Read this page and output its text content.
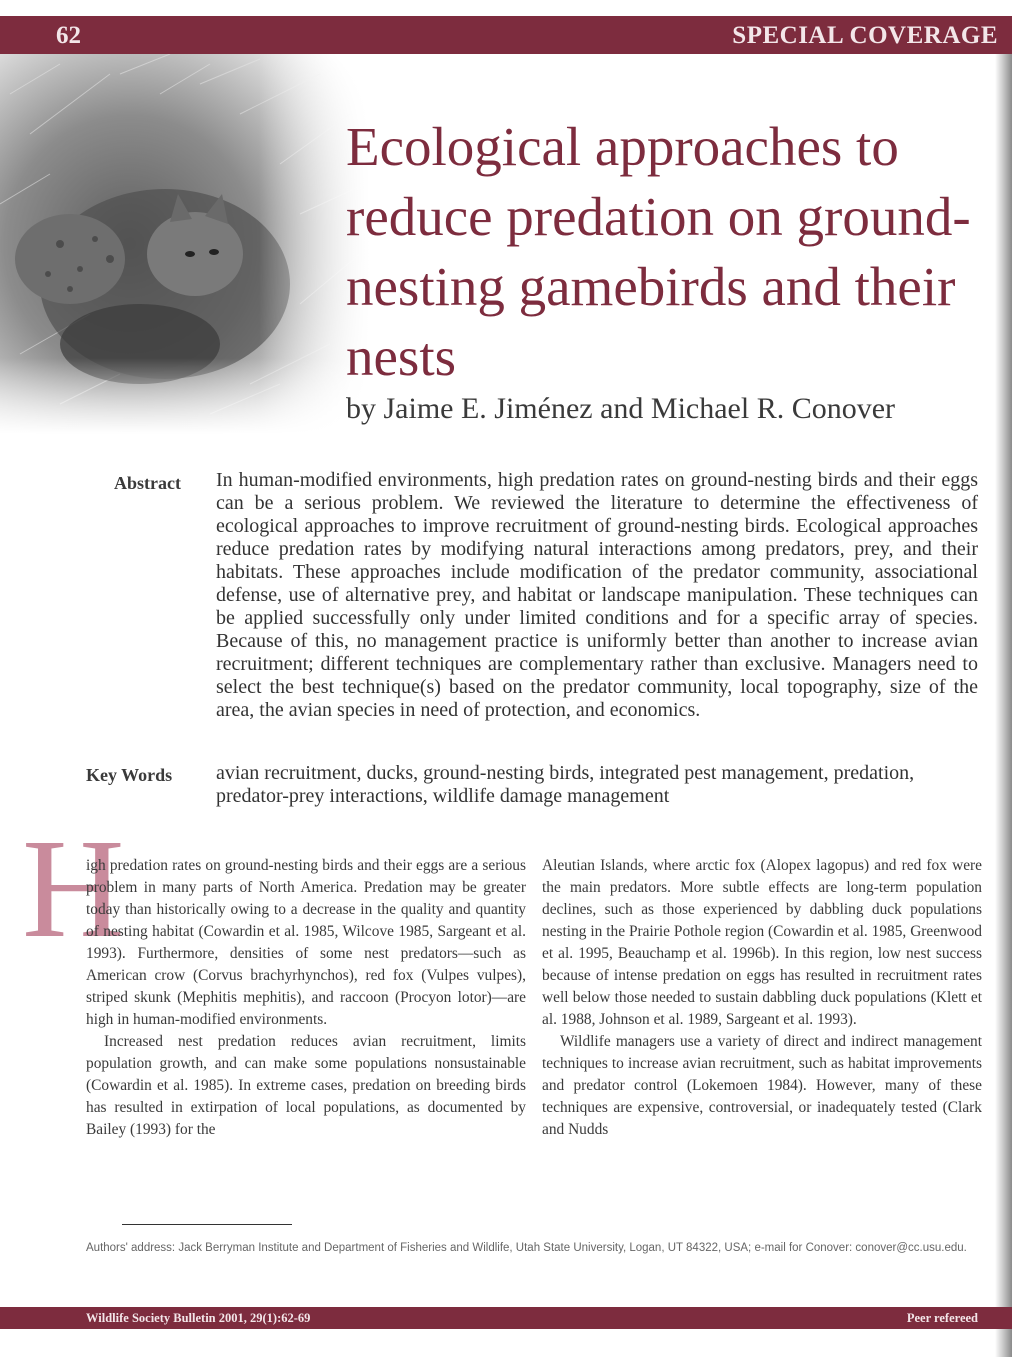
62	SPECIAL COVERAGE
Ecological approaches to reduce predation on ground-nesting gamebirds and their nests

by Jaime E. Jiménez and Michael R. Conover

Abstract In human-modified environments, high predation rates on ground-nesting birds and their eggs can be a serious problem. We reviewed the literature to determine the effectiveness of ecological approaches to improve recruitment of ground-nesting birds. Ecological approaches reduce predation rates by modifying natural interactions among predators, prey, and their habitats. These approaches include modification of the predator community, associational defense, use of alternative prey, and habitat or landscape manipulation. These techniques can be applied successfully only under limited conditions and for a specific array of species. Because of this, no management practice is uniformly better than another to increase avian recruitment; different techniques are complementary rather than exclusive. Managers need to select the best technique(s) based on the predator community, local topography, size of the area, the avian species in need of protection, and economics.

Key Words avian recruitment, ducks, ground-nesting birds, integrated pest management, predation, predator-prey interactions, wildlife damage management

H

igh predation rates on ground-nesting birds and their eggs are a serious problem in many parts of North America. Predation may be greater today than historically owing to a decrease in the quality and quantity of nesting habitat (Cowardin et al. 1985, Wilcove 1985, Sargeant et al. 1993). Furthermore, densities of some nest predators—such as American crow (Corvus brachyrhynchos), red fox (Vulpes vulpes), striped skunk (Mephitis mephitis), and raccoon (Procyon lotor)—are high in human-modified environments.

Increased nest predation reduces avian recruitment, limits population growth, and can make some populations nonsustainable (Cowardin et al. 1985). In extreme cases, predation on breeding birds has resulted in extirpation of local populations, as documented by Bailey (1993) for the

Aleutian Islands, where arctic fox (Alopex lagopus) and red fox were the main predators. More subtle effects are long-term population declines, such as those experienced by dabbling duck populations nesting in the Prairie Pothole region (Cowardin et al. 1985, Greenwood et al. 1995, Beauchamp et al. 1996b). In this region, low nest success because of intense predation on eggs has resulted in recruitment rates well below those needed to sustain dabbling duck populations (Klett et al. 1988, Johnson et al. 1989, Sargeant et al. 1993).

Wildlife managers use a variety of direct and indirect management techniques to increase avian recruitment, such as habitat improvements and predator control (Lokemoen 1984). However, many of these techniques are expensive, controversial, or inadequately tested (Clark and Nudds

Authors' address: Jack Berryman Institute and Department of Fisheries and Wildlife, Utah State University, Logan, UT 84322, USA; e-mail for Conover: conover@cc.usu.edu.

Wildlife Society Bulletin 2001, 29(1):62-69	Peer refereed
